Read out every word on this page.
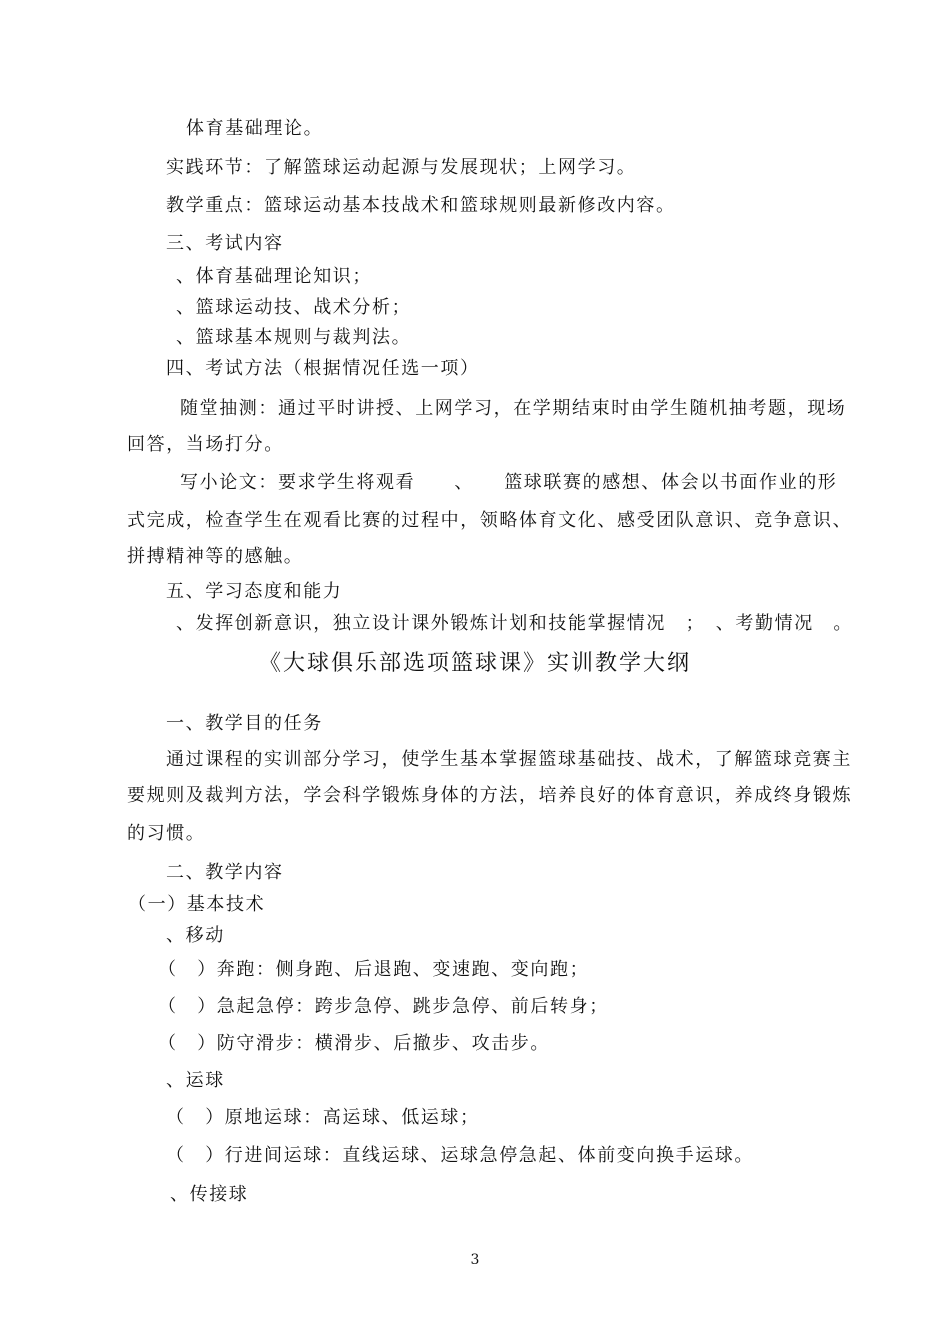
体育基础理论。
实践环节：了解篮球运动起源与发展现状；上网学习。
教学重点：篮球运动基本技战术和篮球规则最新修改内容。
三、考试内容
、体育基础理论知识；
、篮球运动技、战术分析；
、篮球基本规则与裁判法。
四、考试方法（根据情况任选一项）
随堂抽测：通过平时讲授、上网学习，在学期结束时由学生随机抽考题，现场
回答，当场打分。
写小论文：要求学生将观看　　、　　篮球联赛的感想、体会以书面作业的形
式完成，检查学生在观看比赛的过程中，领略体育文化、感受团队意识、竞争意识、
拼搏精神等的感触。
五、学习态度和能力
、发挥创新意识，独立设计课外锻炼计划和技能掌握情况　；　、考勤情况　。
《大球俱乐部选项篮球课》实训教学大纲
一、教学目的任务
通过课程的实训部分学习，使学生基本掌握篮球基础技、战术，了解篮球竞赛主
要规则及裁判方法，学会科学锻炼身体的方法，培养良好的体育意识，养成终身锻炼
的习惯。
二、教学内容
（一）基本技术
、移动
（　）奔跑：侧身跑、后退跑、变速跑、变向跑；
（　）急起急停：跨步急停、跳步急停、前后转身；
（　）防守滑步：横滑步、后撤步、攻击步。
、运球
（　）原地运球：高运球、低运球；
（　）行进间运球：直线运球、运球急停急起、体前变向换手运球。
、传接球
3
